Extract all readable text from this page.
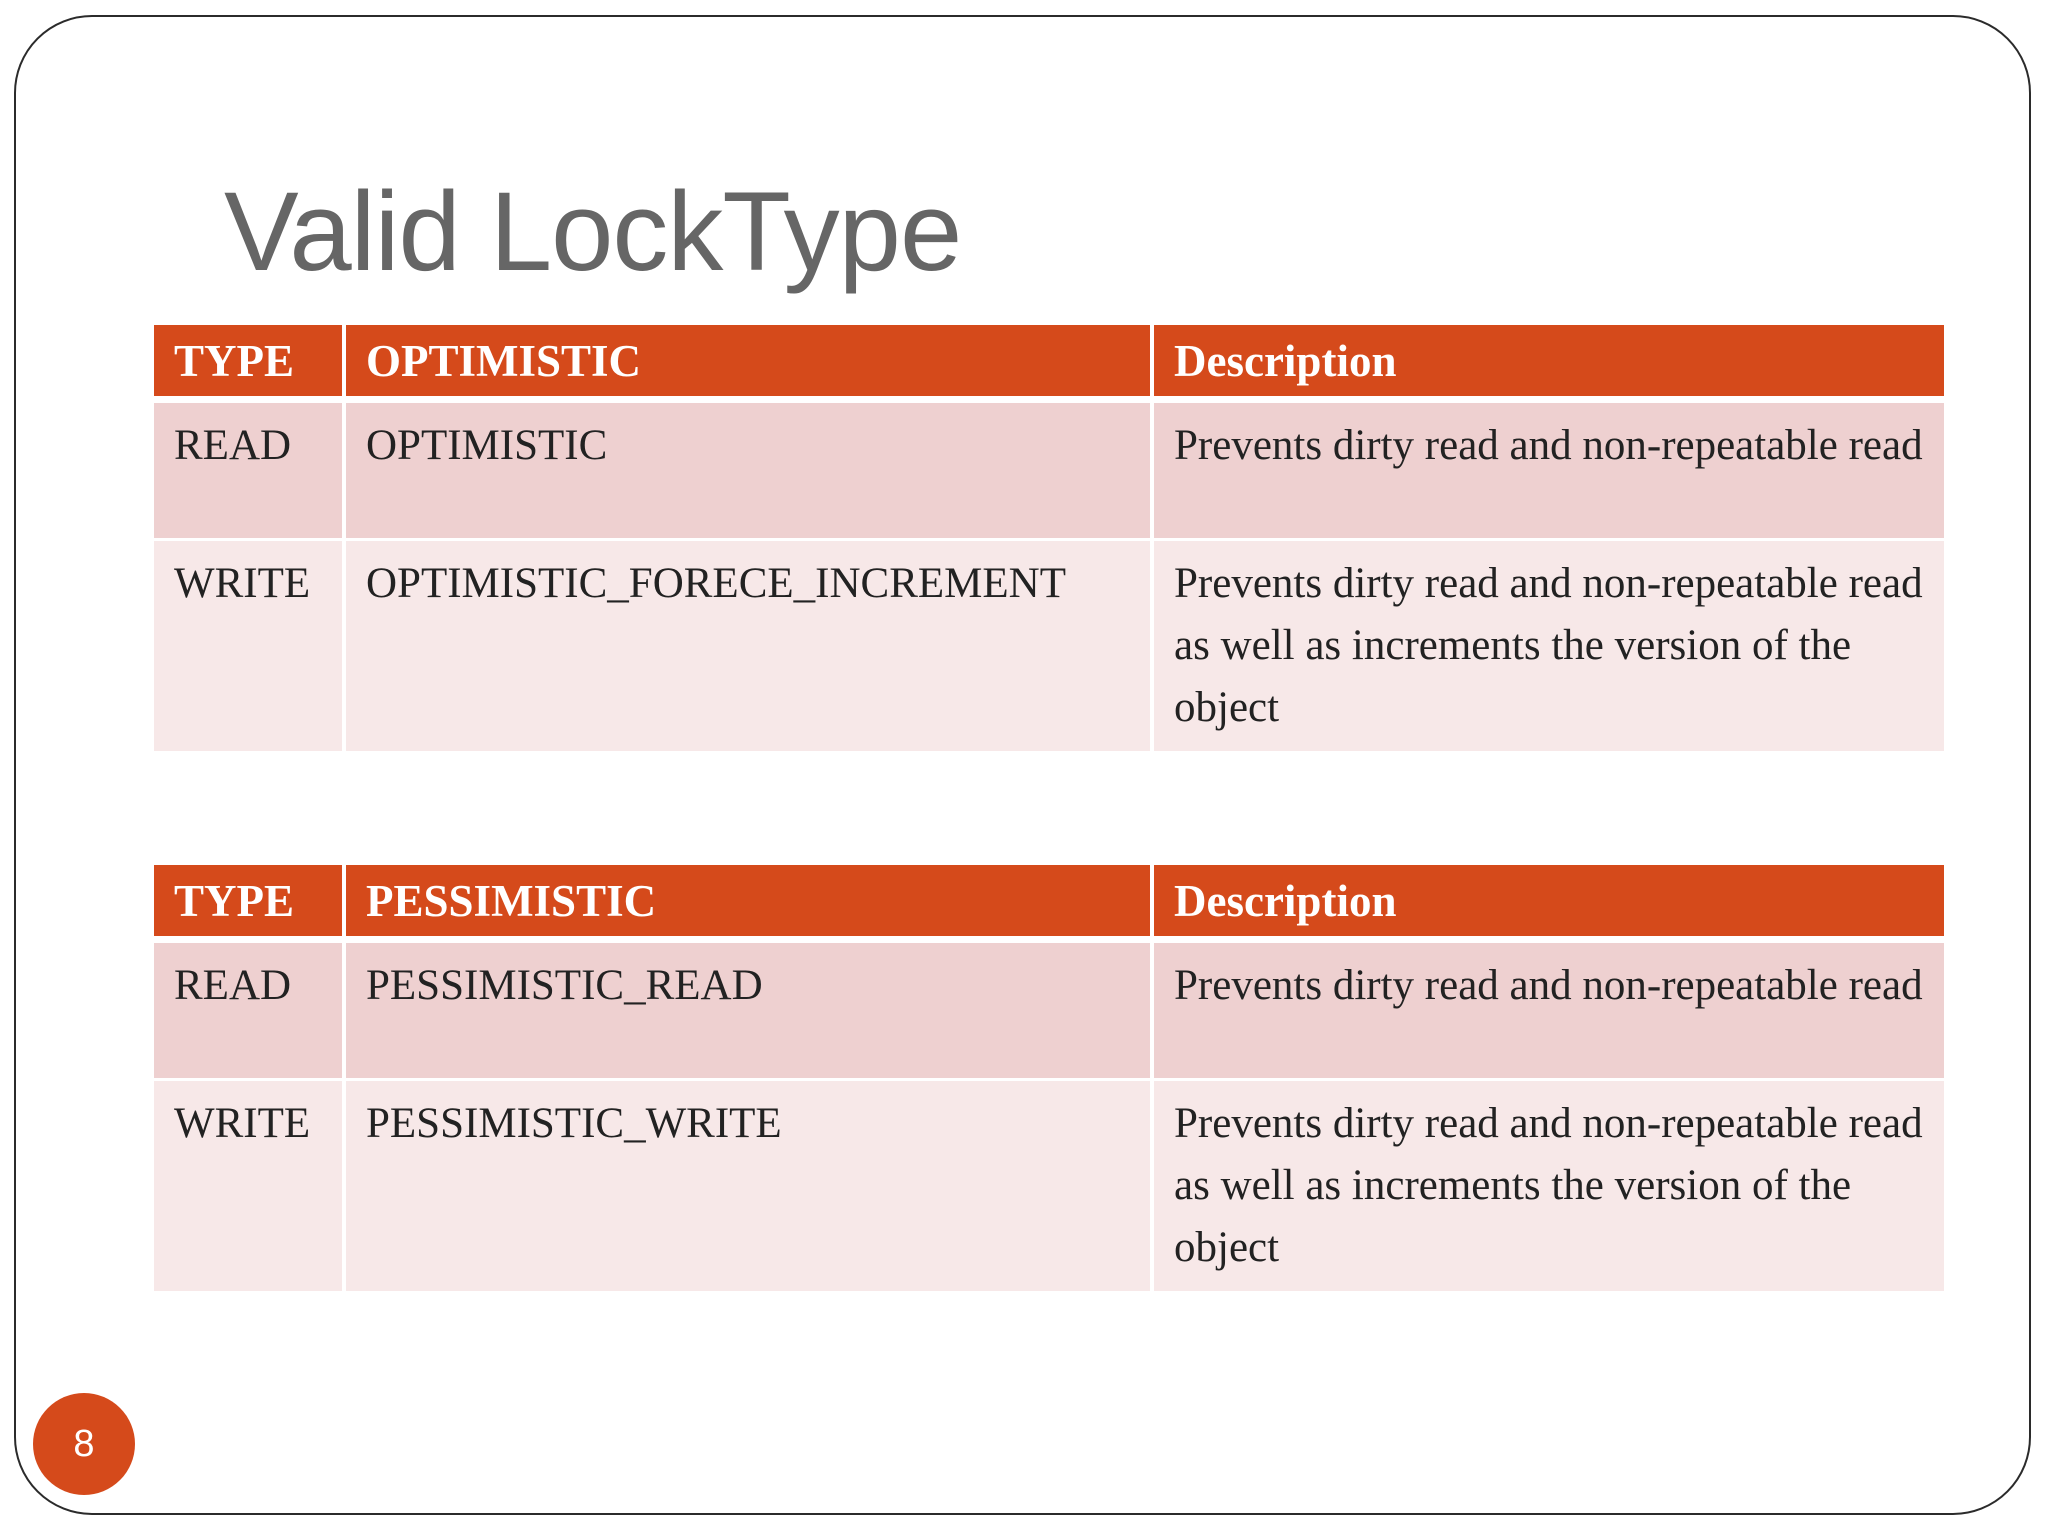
Valid LockType
TYPE	OPTIMISTIC	Description
READ	OPTIMISTIC	Prevents dirty read and non-repeatable read
WRITE	OPTIMISTIC_FORECE_INCREMENT	Prevents dirty read and non-repeatable read as well as increments the version of the object
TYPE	PESSIMISTIC	Description
READ	PESSIMISTIC_READ	Prevents dirty read and non-repeatable read
WRITE	PESSIMISTIC_WRITE	Prevents dirty read and non-repeatable read as well as increments the version of the object
8
